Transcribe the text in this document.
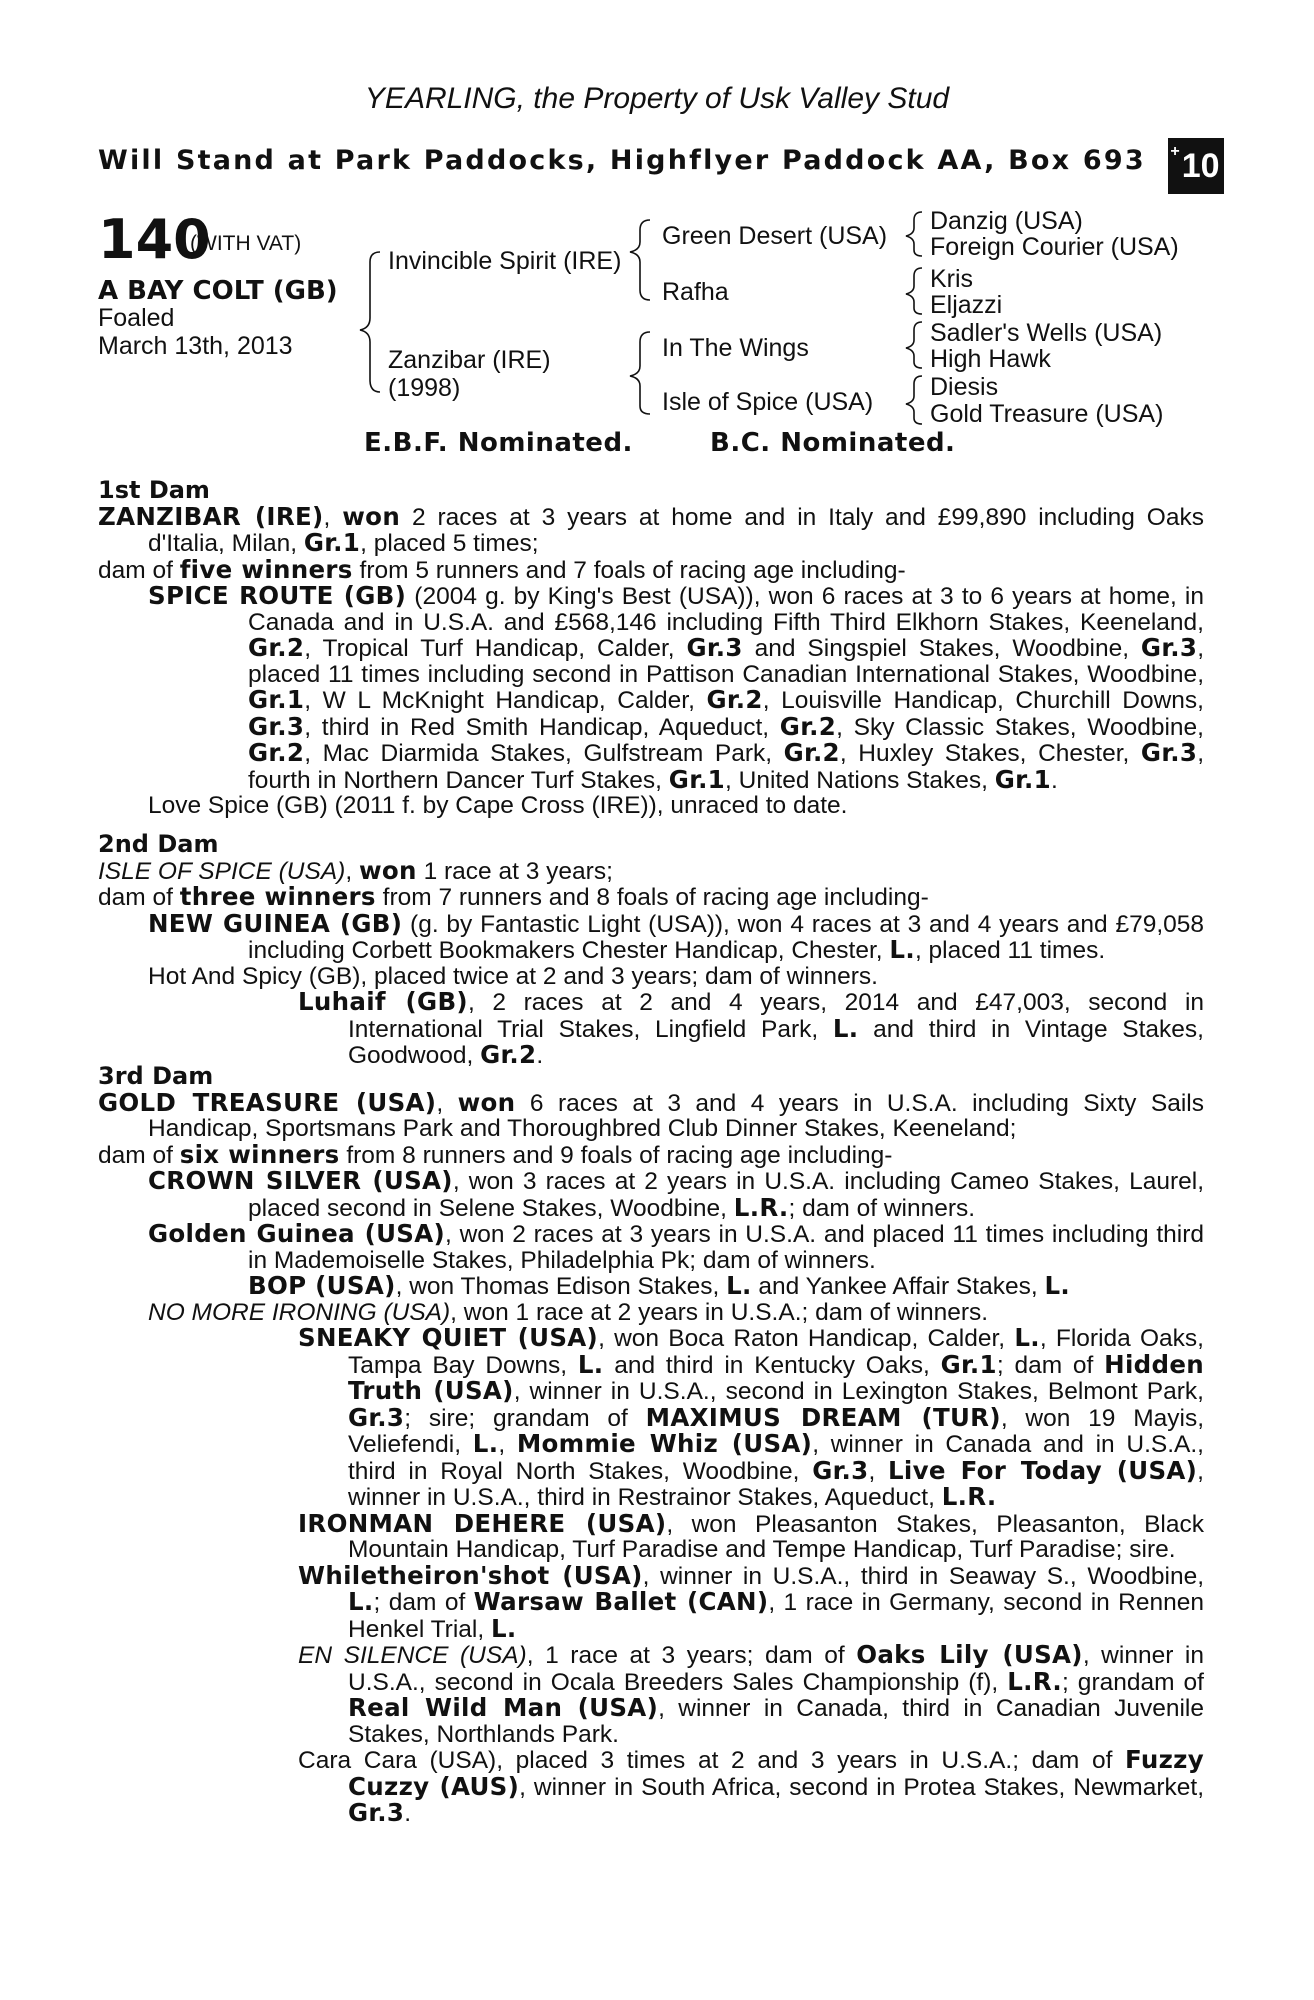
YEARLING, the Property of Usk Valley Stud
Will Stand at Park Paddocks, Highflyer Paddock AA, Box 693 + 10
140
(WITH VAT)
A BAY COLT (GB)
Foaled
March 13th, 2013
Invincible Spirit (IRE)
Zanzibar (IRE)
(1998)
Green Desert (USA)
Rafha
In The Wings
Isle of Spice (USA)
Danzig (USA)
Foreign Courier (USA)
Kris
Eljazzi
Sadler's Wells (USA)
High Hawk
Diesis
Gold Treasure (USA)
E.B.F. Nominated.	B.C. Nominated.

1st Dam

ZANZIBAR (IRE), won 2 races at 3 years at home and in Italy and £99,890 including Oaks d'Italia, Milan, Gr.1, placed 5 times;

dam of five winners from 5 runners and 7 foals of racing age including-

SPICE ROUTE (GB) (2004 g. by King's Best (USA)), won 6 races at 3 to 6 years at home, in Canada and in U.S.A. and £568,146 including Fifth Third Elkhorn Stakes, Keeneland, Gr.2, Tropical Turf Handicap, Calder, Gr.3 and Singspiel Stakes, Woodbine, Gr.3, placed 11 times including second in Pattison Canadian International Stakes, Woodbine, Gr.1, W L McKnight Handicap, Calder, Gr.2, Louisville Handicap, Churchill Downs, Gr.3, third in Red Smith Handicap, Aqueduct, Gr.2, Sky Classic Stakes, Woodbine, Gr.2, Mac Diarmida Stakes, Gulfstream Park, Gr.2, Huxley Stakes, Chester, Gr.3, fourth in Northern Dancer Turf Stakes, Gr.1, United Nations Stakes, Gr.1.

Love Spice (GB) (2011 f. by Cape Cross (IRE)), unraced to date.

2nd Dam

ISLE OF SPICE (USA), won 1 race at 3 years;

dam of three winners from 7 runners and 8 foals of racing age including-

NEW GUINEA (GB) (g. by Fantastic Light (USA)), won 4 races at 3 and 4 years and £79,058 including Corbett Bookmakers Chester Handicap, Chester, L., placed 11 times.

Hot And Spicy (GB), placed twice at 2 and 3 years; dam of winners.

Luhaif (GB), 2 races at 2 and 4 years, 2014 and £47,003, second in International Trial Stakes, Lingfield Park, L. and third in Vintage Stakes, Goodwood, Gr.2.

3rd Dam

GOLD TREASURE (USA), won 6 races at 3 and 4 years in U.S.A. including Sixty Sails Handicap, Sportsmans Park and Thoroughbred Club Dinner Stakes, Keeneland;

dam of six winners from 8 runners and 9 foals of racing age including-

CROWN SILVER (USA), won 3 races at 2 years in U.S.A. including Cameo Stakes, Laurel, placed second in Selene Stakes, Woodbine, L.R.; dam of winners.

Golden Guinea (USA), won 2 races at 3 years in U.S.A. and placed 11 times including third in Mademoiselle Stakes, Philadelphia Pk; dam of winners.

BOP (USA), won Thomas Edison Stakes, L. and Yankee Affair Stakes, L.

NO MORE IRONING (USA), won 1 race at 2 years in U.S.A.; dam of winners.

SNEAKY QUIET (USA), won Boca Raton Handicap, Calder, L., Florida Oaks, Tampa Bay Downs, L. and third in Kentucky Oaks, Gr.1; dam of Hidden Truth (USA), winner in U.S.A., second in Lexington Stakes, Belmont Park, Gr.3; sire; grandam of MAXIMUS DREAM (TUR), won 19 Mayis, Veliefendi, L., Mommie Whiz (USA), winner in Canada and in U.S.A., third in Royal North Stakes, Woodbine, Gr.3, Live For Today (USA), winner in U.S.A., third in Restrainor Stakes, Aqueduct, L.R.

IRONMAN DEHERE (USA), won Pleasanton Stakes, Pleasanton, Black Mountain Handicap, Turf Paradise and Tempe Handicap, Turf Paradise; sire.

Whiletheiron'shot (USA), winner in U.S.A., third in Seaway S., Woodbine, L.; dam of Warsaw Ballet (CAN), 1 race in Germany, second in Rennen Henkel Trial, L.

EN SILENCE (USA), 1 race at 3 years; dam of Oaks Lily (USA), winner in U.S.A., second in Ocala Breeders Sales Championship (f), L.R.; grandam of Real Wild Man (USA), winner in Canada, third in Canadian Juvenile Stakes, Northlands Park.

Cara Cara (USA), placed 3 times at 2 and 3 years in U.S.A.; dam of Fuzzy Cuzzy (AUS), winner in South Africa, second in Protea Stakes, Newmarket, Gr.3.
